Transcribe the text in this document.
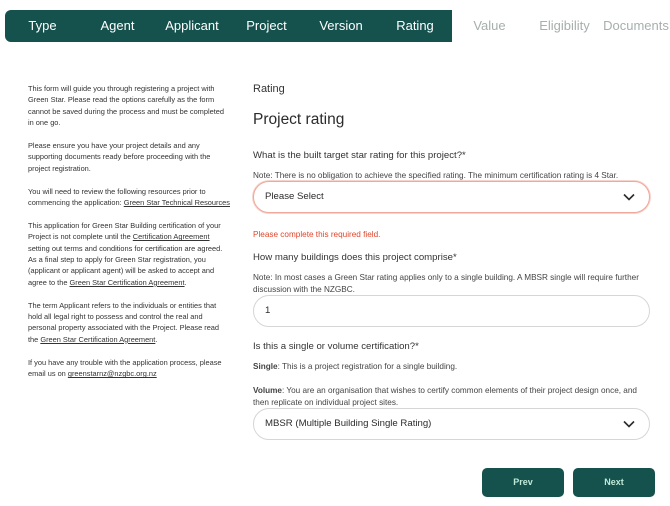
Type	Agent	Applicant	Project	Version	Rating	Value	Eligibility	Documents

This form will guide you through registering a project with Green Star. Please read the options carefully as the form cannot be saved during the process and must be completed in one go.

Please ensure you have your project details and any supporting documents ready before proceeding with the project registration.

You will need to review the following resources prior to commencing the application: Green Star Technical Resources

This application for Green Star Building certification of your Project is not complete until the Certification Agreement setting out terms and conditions for certification are agreed. As a final step to apply for Green Star registration, you (applicant or applicant agent) will be asked to accept and agree to the Green Star Certification Agreement.

The term Applicant refers to the individuals or entities that hold all legal right to possess and control the real and personal property associated with the Project. Please read the Green Star Certification Agreement.

If you have any trouble with the application process, please email us on greenstarnz@nzgbc.org.nz

Rating
Project rating
What is the built target star rating for this project?*
Note: There is no obligation to achieve the specified rating. The minimum certification rating is 4 Star.
Please Select
Please complete this required field.
How many buildings does this project comprise*
Note: In most cases a Green Star rating applies only to a single building. A MBSR single will require further discussion with the NZGBC.
1
Is this a single or volume certification?*
Single: This is a project registration for a single building.
Volume: You are an organisation that wishes to certify common elements of their project design once, and then replicate on individual project sites.
MBSR (Multiple Building Single Rating)
Prev	Next
